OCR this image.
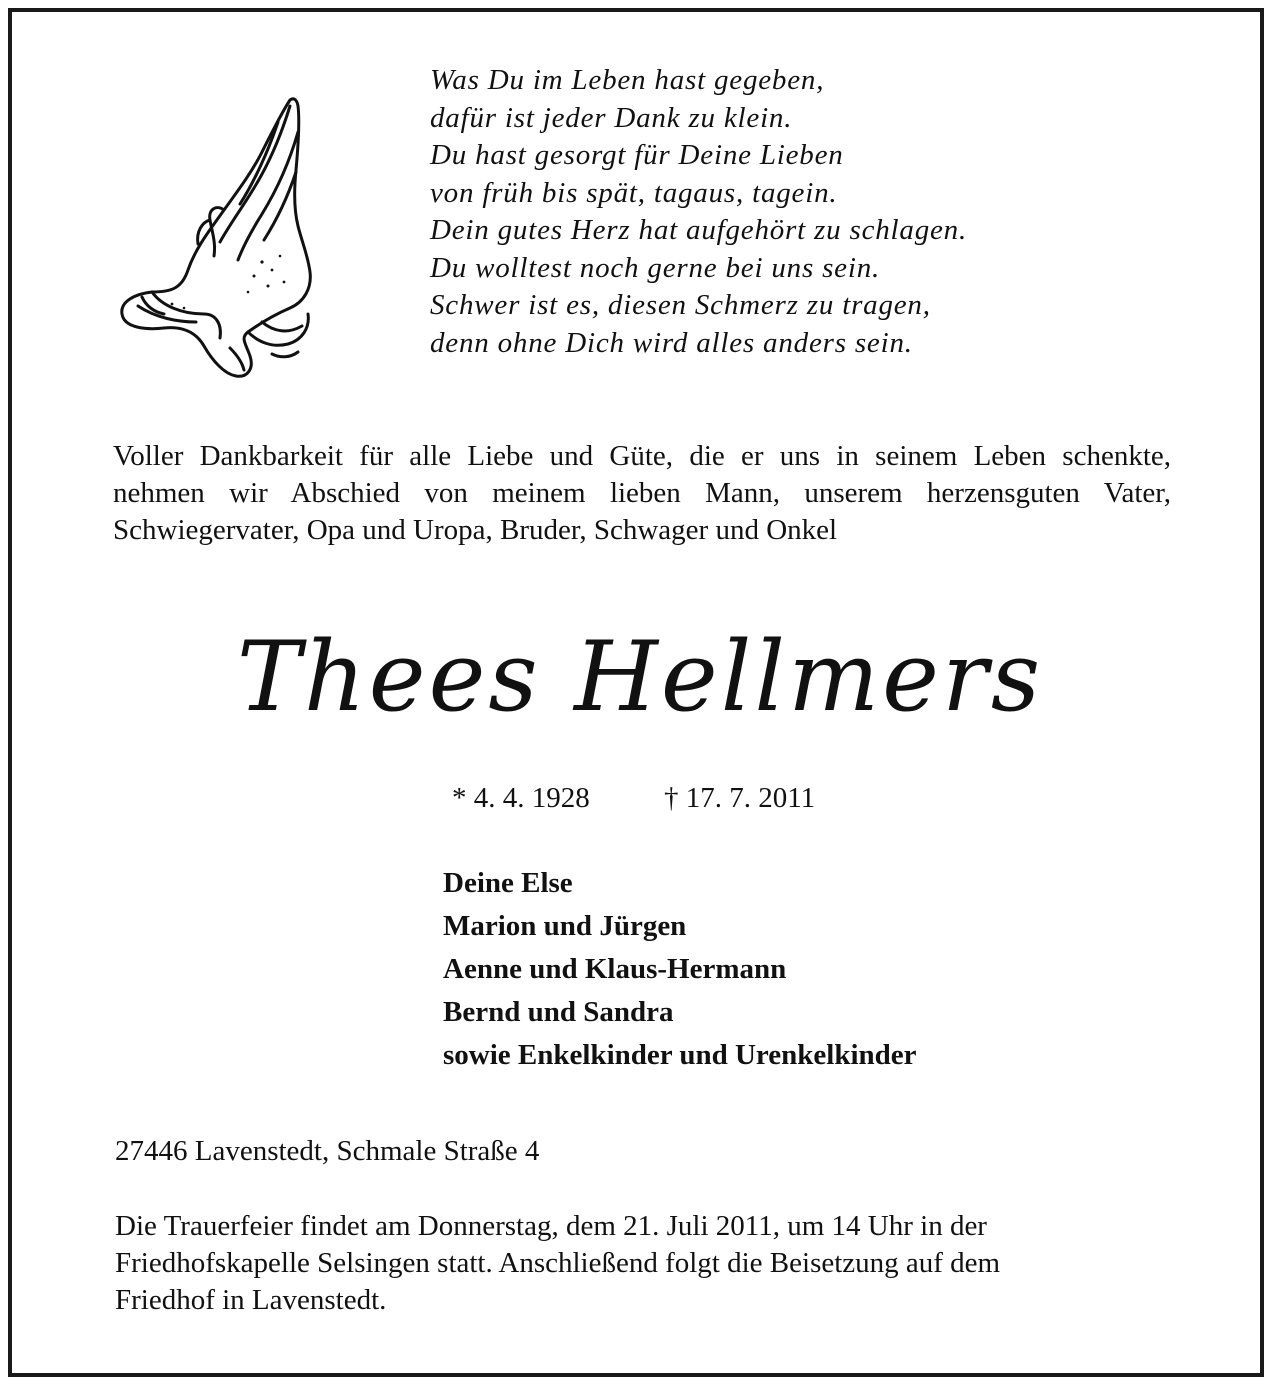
Was Du im Leben hast gegeben,
dafür ist jeder Dank zu klein.
Du hast gesorgt für Deine Lieben
von früh bis spät, tagaus, tagein.
Dein gutes Herz hat aufgehört zu schlagen.
Du wolltest noch gerne bei uns sein.
Schwer ist es, diesen Schmerz zu tragen,
denn ohne Dich wird alles anders sein.
Voller Dankbarkeit für alle Liebe und Güte, die er uns in seinem Leben schenkte,
nehmen wir Abschied von meinem lieben Mann, unserem herzensguten Vater,
Schwiegervater, Opa und Uropa, Bruder, Schwager und Onkel
Thees Hellmers
* 4. 4. 1928	† 17. 7. 2011
Deine Else
Marion und Jürgen
Aenne und Klaus-Hermann
Bernd und Sandra
sowie Enkelkinder und Urenkelkinder
27446 Lavenstedt, Schmale Straße 4
Die Trauerfeier findet am Donnerstag, dem 21. Juli 2011, um 14 Uhr in der
Friedhofskapelle Selsingen statt. Anschließend folgt die Beisetzung auf dem
Friedhof in Lavenstedt.
